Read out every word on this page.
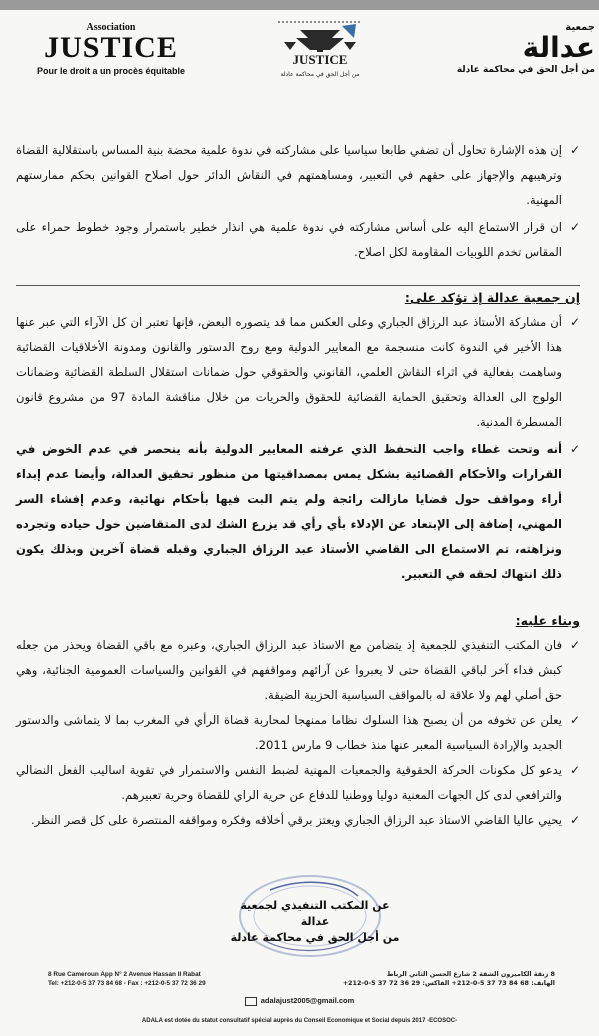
Association
JUSTICE
Pour le droit a un procès équitable
JUSTICE
من أجل الحق في محاكمة عادلة
جمعية
عدالة
من أجل الحق في محاكمة عادلة

✓
إن هذه الإشارة تحاول أن تضفي طابعا سياسيا على مشاركته في ندوة علمية محضة بنية المساس باستقلالية القضاة وترهيبهم والإجهاز على حقهم في التعبير، ومساهمتهم في النقاش الدائر حول اصلاح القوانين بحكم ممارستهم المهنية.

✓
ان قرار الاستماع اليه على أساس مشاركته في ندوة علمية هي انذار خطير باستمرار وجود خطوط حمراء على المقاس تخدم اللوبيات المقاومة لكل اصلاح.

إن جمعية عدالة إذ تؤكد على:

✓
أن مشاركة الأستاذ عبد الرزاق الجباري وعلى العكس مما قد يتصوره البعض، فإنها تعتبر ان كل الآراء التي عبر عنها هذا الأخير في الندوة كانت منسجمة مع المعايير الدولية ومع روح الدستور والقانون ومدونة الأخلاقيات القضائية وساهمت بفعالية في اثراء النقاش العلمي، القانوني والحقوقي حول ضمانات استقلال السلطة القضائية وضمانات الولوج الى العدالة وتحقيق الحماية القضائية للحقوق والحريات من خلال مناقشة المادة 97 من مشروع قانون المسطرة المدنية.

✓
أنه وتحت غطاء واجب التحفظ الذي عرفته المعايير الدولية بأنه ينحصر في عدم الخوض في القرارات والأحكام القضائية بشكل يمس بمصداقيتها من منظور تحقيق العدالة، وأيضا عدم إبداء أراء ومواقف حول قضايا مازالت رائجة ولم يتم البت فيها بأحكام نهائية، وعدم إفشاء السر المهني، إضافة إلى الإبتعاد عن الإدلاء بأي رأي قد يزرع الشك لدى المتقاضين حول حياده وتجرده ونزاهته، تم الاستماع الى القاضي الأستاذ عبد الرزاق الجباري وقبله قضاة آخرين وبذلك يكون ذلك انتهاك لحقه في التعبير.

وبناء عليه:

✓
فان المكتب التنفيذي للجمعية إذ يتضامن مع الاستاذ عبد الرزاق الجباري، وعبره مع باقي القضاة ويحذر من جعله كبش فداء آخر لباقي القضاة حتى لا يعبروا عن آرائهم ومواقفهم في القوانين والسياسات العمومية الجنائية، وهي حق أصلي لهم ولا علاقة له بالمواقف السياسية الحزبية الضيقة.

✓
يعلن عن تخوفه من أن يصبح هذا السلوك نظاما ممنهجا لمحاربة قضاة الرأي في المغرب بما لا يتماشى والدستور الجديد والإرادة السياسية المعبر عنها منذ خطاب 9 مارس 2011.

✓
يدعو كل مكونات الحركة الحقوقية والجمعيات المهنية لضبط النفس والاستمرار في تقوية اساليب الفعل النضالي والترافعي لدى كل الجهات المعنية دوليا ووطنيا للدفاع عن حرية الراي للقضاة وحرية تعبيرهم.

✓
يحيي عاليا القاضي الاستاذ عبد الرزاق الجباري ويعتز برقي أخلاقه وفكره ومواقفه المنتصرة على كل قصر النظر.

عن المكتب التنفيذي لجمعية عدالة
من أجل الحق في محاكمة عادلة
8 Rue Cameroun App N° 2 Avenue Hassan II Rabat
Tel: +212-0-5 37 73 84 68 - Fax : +212-0-5 37 72 36 29
8 زنقة الكاميرون الشقة 2 شارع الحسن الثاني الرباط
الهاتف: 68 84 73 37 5-0-212+ الفاكس: 29 36 72 37 5-0-212+
adalajust2005@gmail.com
ADALA est dotée du statut consultatif spécial auprès du Conseil Economique et Social depuis 2017 -ECOSOC-
